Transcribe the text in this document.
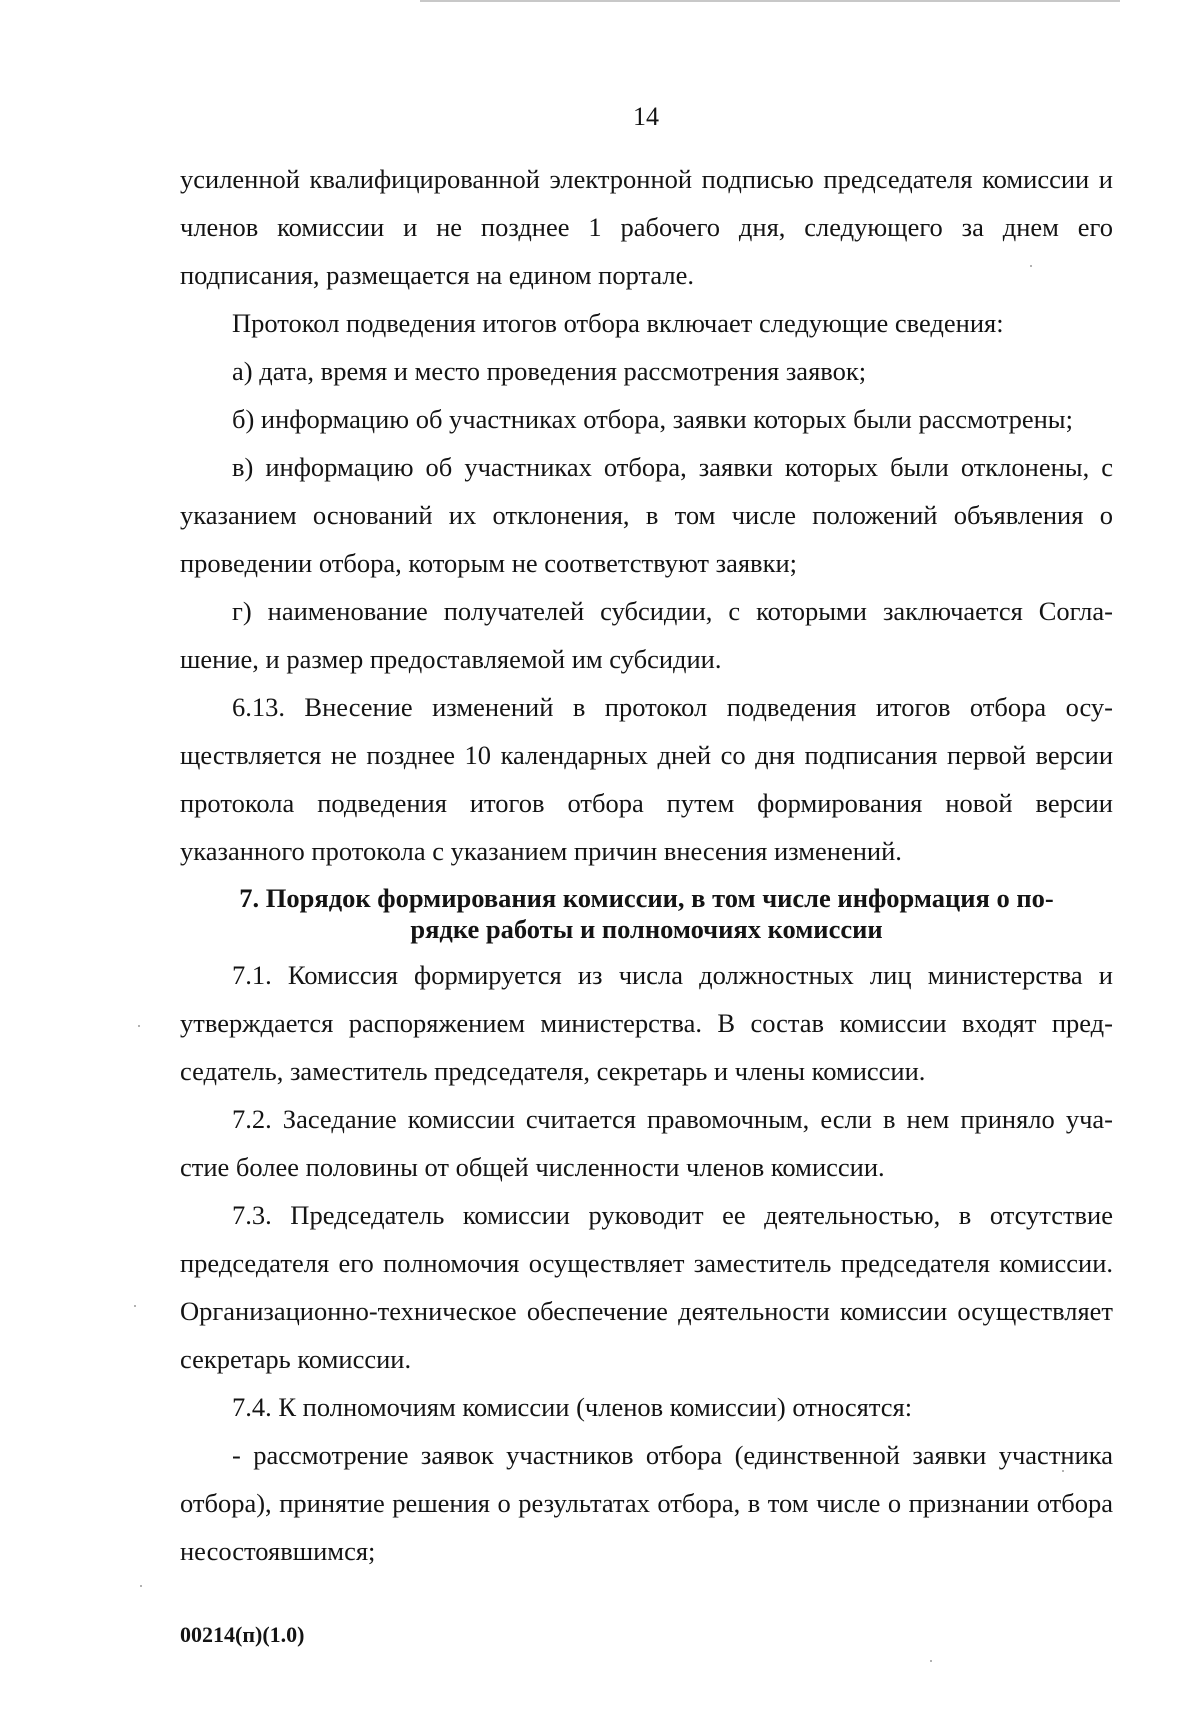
14

усиленной квалифицированной электронной подписью председателя комиссии и членов комиссии и не позднее 1 рабочего дня, следующего за днем его подписания, размещается на едином портале.

Протокол подведения итогов отбора включает следующие сведения:

а) дата, время и место проведения рассмотрения заявок;

б) информацию об участниках отбора, заявки которых были рассмотрены;

в) информацию об участниках отбора, заявки которых были отклонены, с указанием оснований их отклонения, в том числе положений объявления о проведении отбора, которым не соответствуют заявки;

г) наименование получателей субсидии, с которыми заключается Соглашение, и размер предоставляемой им субсидии.

6.13. Внесение изменений в протокол подведения итогов отбора осуществляется не позднее 10 календарных дней со дня подписания первой версии протокола подведения итогов отбора путем формирования новой версии указанного протокола с указанием причин внесения изменений.

7. Порядок формирования комиссии, в том числе информация о по-
рядке работы и полномочиях комиссии

7.1. Комиссия формируется из числа должностных лиц министерства и утверждается распоряжением министерства. В состав комиссии входят председатель, заместитель председателя, секретарь и члены комиссии.

7.2. Заседание комиссии считается правомочным, если в нем приняло участие более половины от общей численности членов комиссии.

7.3. Председатель комиссии руководит ее деятельностью, в отсутствие председателя его полномочия осуществляет заместитель председателя комиссии. Организационно-техническое обеспечение деятельности комиссии осуществляет секретарь комиссии.

7.4. К полномочиям комиссии (членов комиссии) относятся:

- рассмотрение заявок участников отбора (единственной заявки участника отбора), принятие решения о результатах отбора, в том числе о признании отбора несостоявшимся;

00214(п)(1.0)
